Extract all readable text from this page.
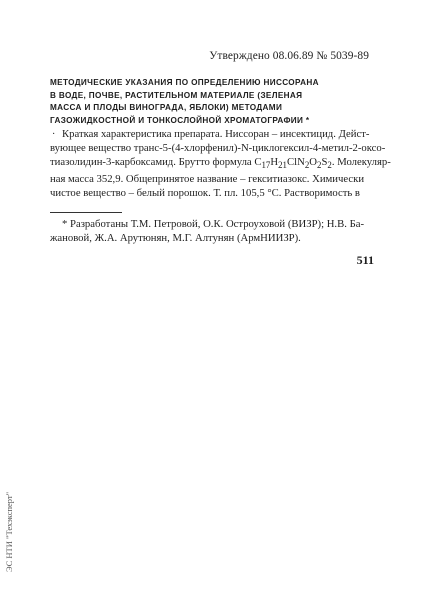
Утверждено 08.06.89 № 5039-89
МЕТОДИЧЕСКИЕ УКАЗАНИЯ ПО ОПРЕДЕЛЕНИЮ НИССОРАНА
В ВОДЕ, ПОЧВЕ, РАСТИТЕЛЬНОМ МАТЕРИАЛЕ (ЗЕЛЕНАЯ
МАССА И ПЛОДЫ ВИНОГРАДА, ЯБЛОКИ) МЕТОДАМИ
ГАЗОЖИДКОСТНОЙ И ТОНКОСЛОЙНОЙ ХРОМАТОГРАФИИ *
· Краткая характеристика препарата. Ниссоран – инсектицид. Дейст-
вующее вещество транс-5-(4-хлорфенил)-N-циклогексил-4-метил-2-оксо-
тиазолидин-3-карбоксамид. Брутто формула $C_{17}H_{21}ClN_2O_2S_2$. Молекуляр-
ная масса 352,9. Общепринятое название – гекситиазокс. Химически
чистое вещество – белый порошок. Т. пл. 105,5 °C. Растворимость в
* Разработаны Т.М. Петровой, О.К. Остроуховой (ВИЗР); Н.В. Ба-
жановой, Ж.А. Арутюнян, М.Г. Алтунян (АрмНИИЗР).
511
ЭС НТИ "Техэксперт"
